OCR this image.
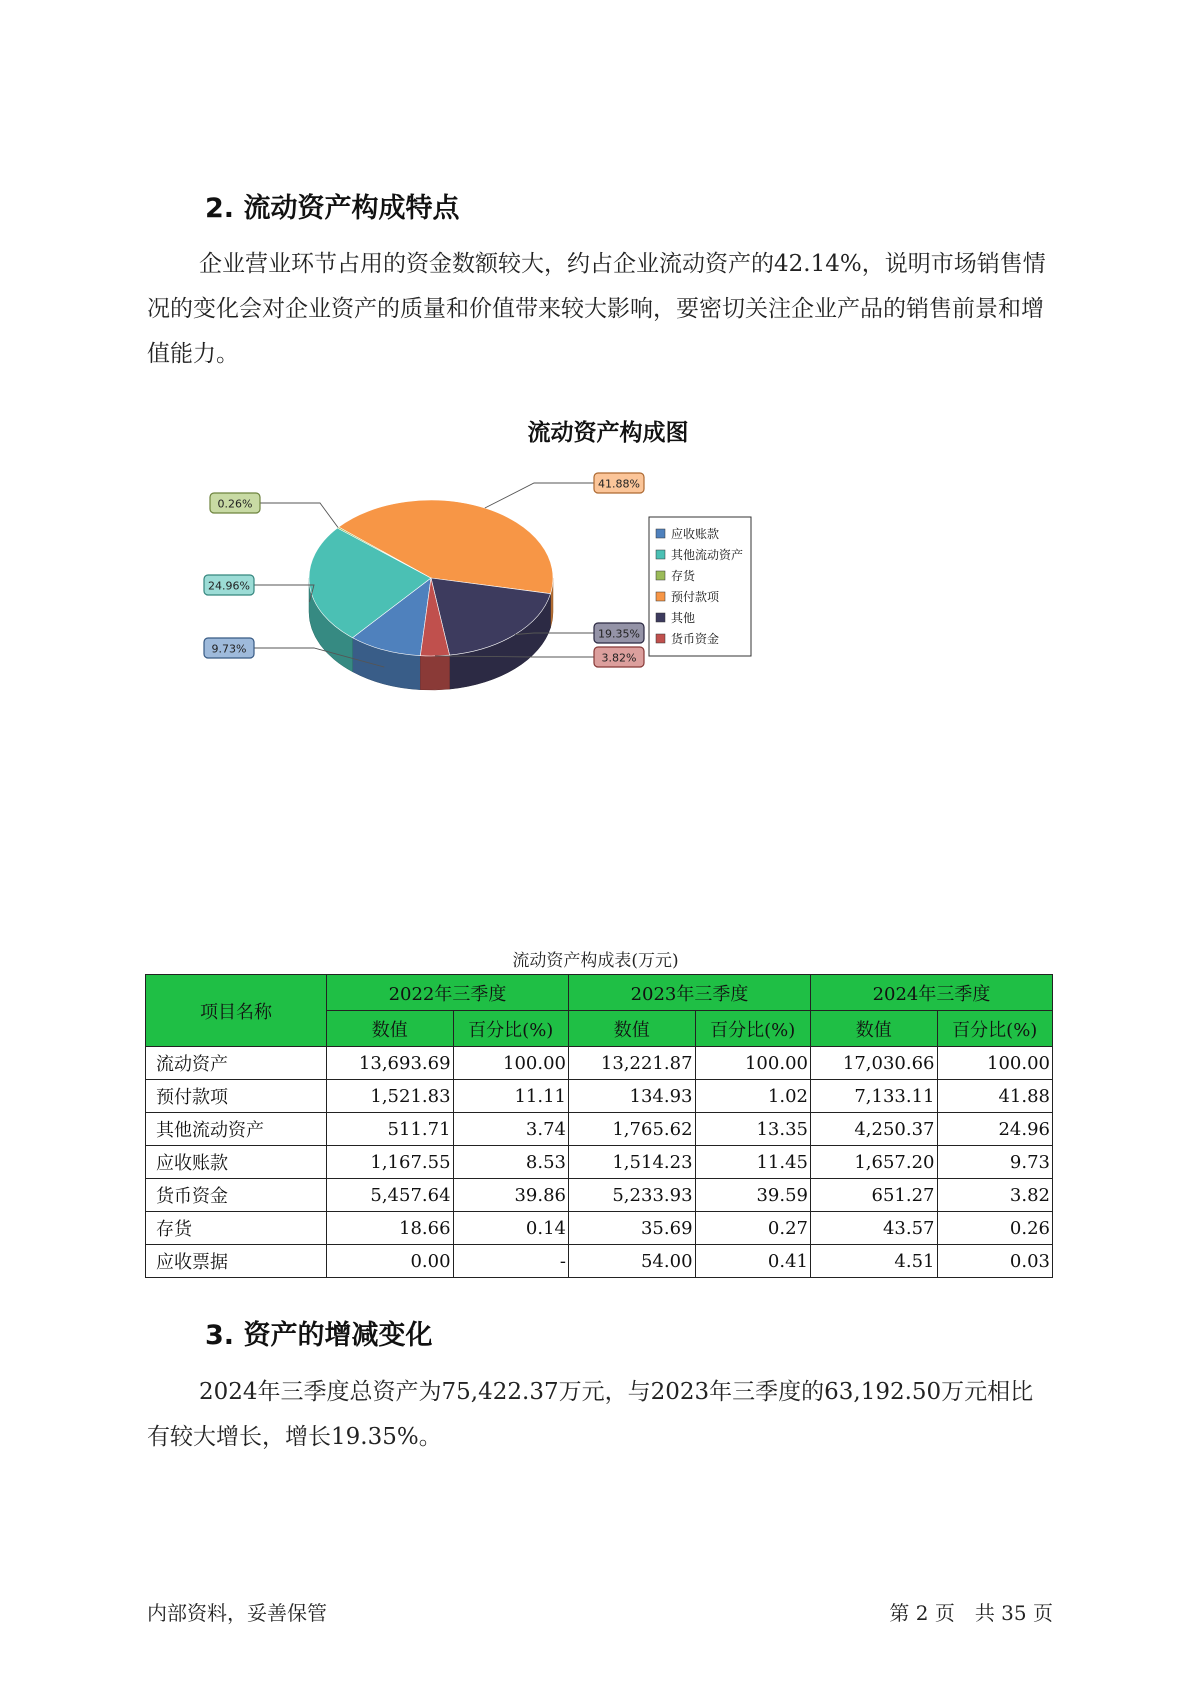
2. 流动资产构成特点

企业营业环节占用的资金数额较大，约占企业流动资产的42.14%，说明市场销售情况的变化会对企业资产的质量和价值带来较大影响，要密切关注企业产品的销售前景和增值能力。

流动资产构成图
9.73%
24.96%
0.26%
41.88%
19.35%
3.82%
应收账款
其他流动资产
存货
预付款项
其他
货币资金
流动资产构成表(万元)
项目名称	2022年三季度		2023年三季度		2024年三季度	
	数值	百分比(%)	数值	百分比(%)	数值	百分比(%)
流动资产	13,693.69	100.00	13,221.87	100.00	17,030.66	100.00
预付款项	1,521.83	11.11	134.93	1.02	7,133.11	41.88
其他流动资产	511.71	3.74	1,765.62	13.35	4,250.37	24.96
应收账款	1,167.55	8.53	1,514.23	11.45	1,657.20	9.73
货币资金	5,457.64	39.86	5,233.93	39.59	651.27	3.82
存货	18.66	0.14	35.69	0.27	43.57	0.26
应收票据	0.00	-	54.00	0.41	4.51	0.03
3. 资产的增减变化

2024年三季度总资产为75,422.37万元，与2023年三季度的63,192.50万元相比有较大增长，增长19.35%。

内部资料，妥善保管	第 2 页　共 35 页
